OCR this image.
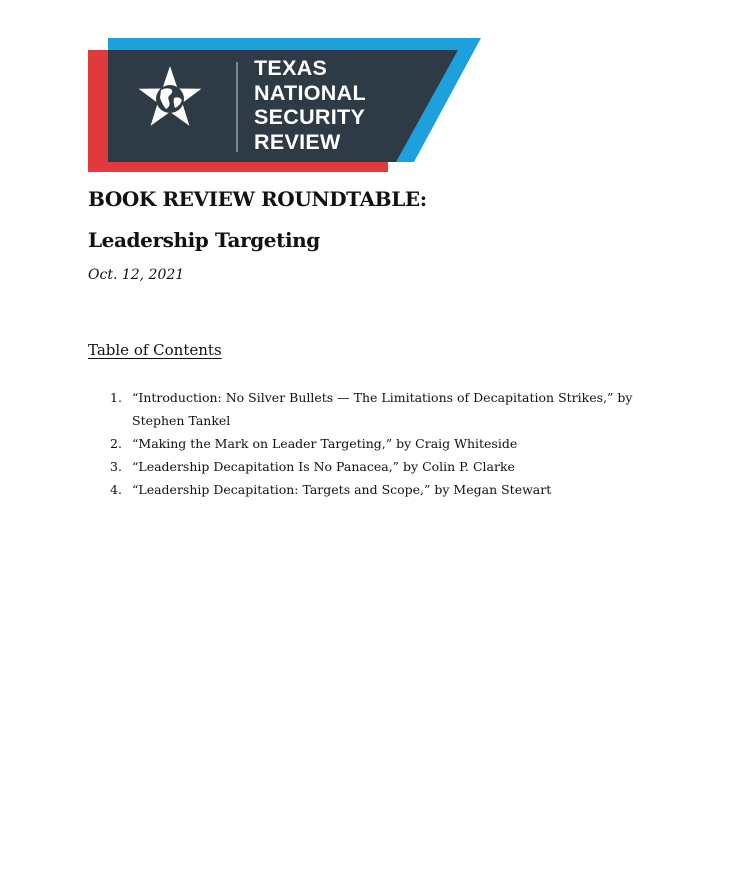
TEXAS
NATIONAL
SECURITY
REVIEW
BOOK REVIEW ROUNDTABLE:
Leadership Targeting
Oct. 12, 2021
Table of Contents
1. “Introduction: No Silver Bullets — The Limitations of Decapitation Strikes,” by Stephen Tankel
2. “Making the Mark on Leader Targeting,” by Craig Whiteside
3. “Leadership Decapitation Is No Panacea,” by Colin P. Clarke
4. “Leadership Decapitation: Targets and Scope,” by Megan Stewart
